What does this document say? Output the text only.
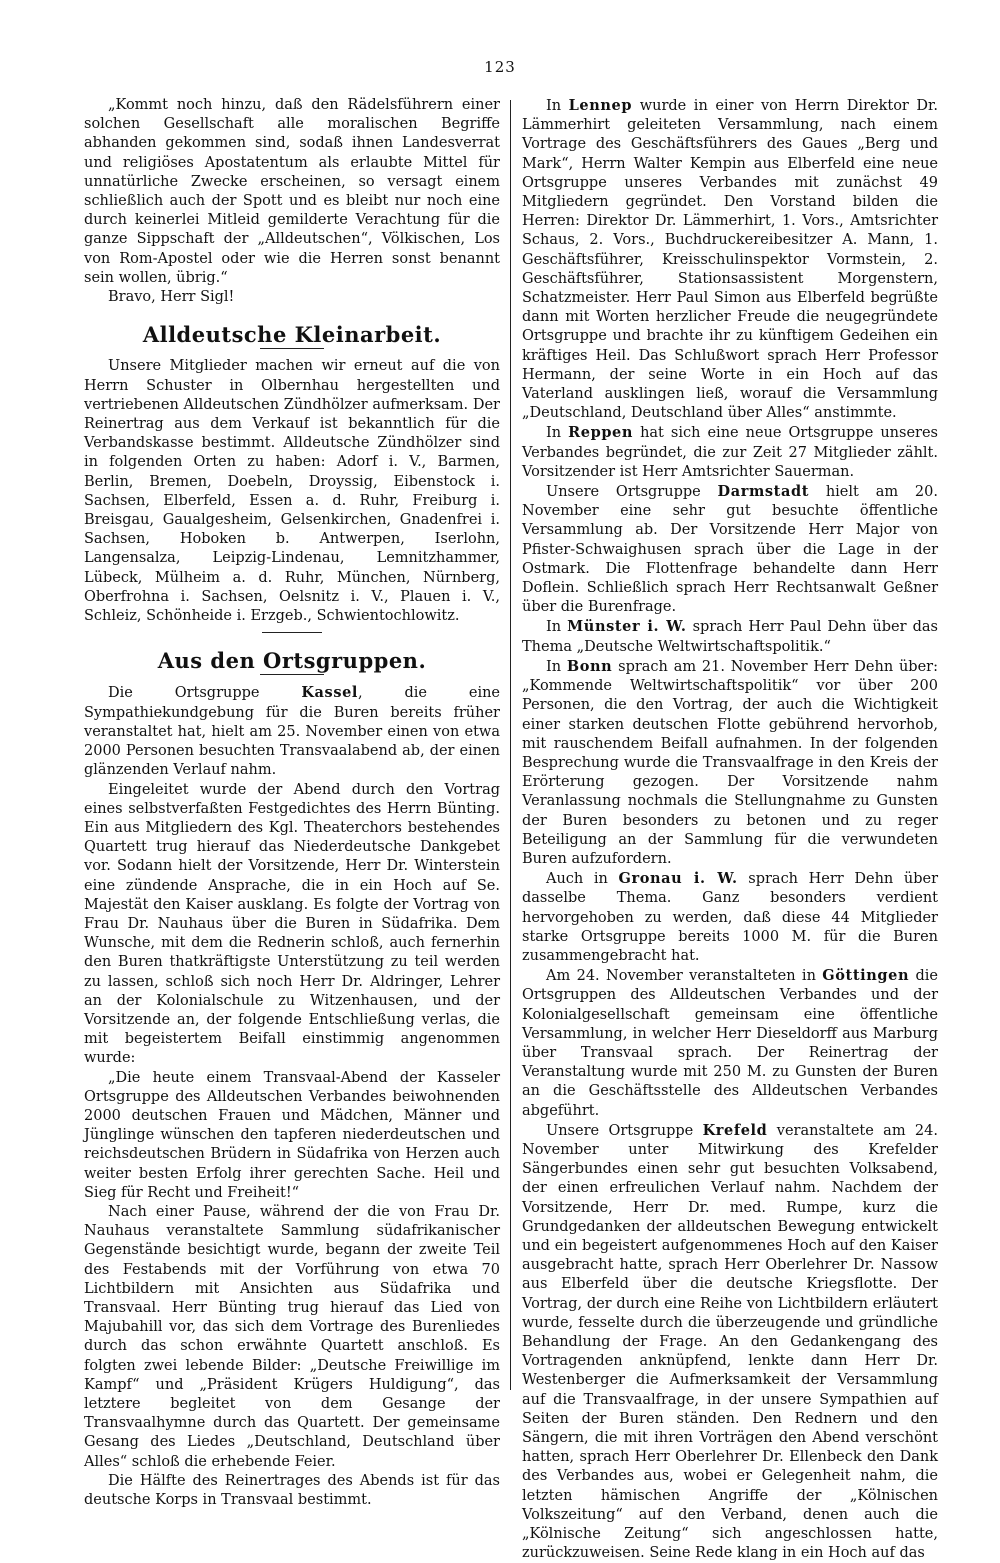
123

„Kommt noch hinzu, daß den Rädelsführern einer solchen Gesellschaft alle moralischen Begriffe abhanden gekommen sind, sodaß ihnen Landesverrat und religiöses Apostatentum als erlaubte Mittel für unnatürliche Zwecke erscheinen, so versagt einem schließlich auch der Spott und es bleibt nur noch eine durch keinerlei Mitleid gemilderte Verachtung für die ganze Sippschaft der „Alldeutschen“, Völkischen, Los von Rom-Apostel oder wie die Herren sonst benannt sein wollen, übrig.“

Bravo, Herr Sigl!

Alldeutsche Kleinarbeit.

Unsere Mitglieder machen wir erneut auf die von Herrn Schuster in Olbernhau hergestellten und vertriebenen Alldeutschen Zündhölzer aufmerksam. Der Reinertrag aus dem Verkauf ist bekanntlich für die Verbandskasse bestimmt. Alldeutsche Zündhölzer sind in folgenden Orten zu haben: Adorf i. V., Barmen, Berlin, Bremen, Doebeln, Droyssig, Eibenstock i. Sachsen, Elberfeld, Essen a. d. Ruhr, Freiburg i. Breisgau, Gaualgesheim, Gelsenkirchen, Gnadenfrei i. Sachsen, Hoboken b. Antwerpen, Iserlohn, Langensalza, Leipzig-Lindenau, Lemnitzhammer, Lübeck, Mülheim a. d. Ruhr, München, Nürnberg, Oberfrohna i. Sachsen, Oelsnitz i. V., Plauen i. V., Schleiz, Schönheide i. Erzgeb., Schwientochlowitz.

Aus den Ortsgruppen.

Die Ortsgruppe Kassel, die eine Sympathiekundgebung für die Buren bereits früher veranstaltet hat, hielt am 25. November einen von etwa 2000 Personen besuchten Transvaalabend ab, der einen glänzenden Verlauf nahm.

Eingeleitet wurde der Abend durch den Vortrag eines selbstverfaßten Festgedichtes des Herrn Bünting. Ein aus Mitgliedern des Kgl. Theaterchors bestehendes Quartett trug hierauf das Niederdeutsche Dankgebet vor. Sodann hielt der Vorsitzende, Herr Dr. Winterstein eine zündende Ansprache, die in ein Hoch auf Se. Majestät den Kaiser ausklang. Es folgte der Vortrag von Frau Dr. Nauhaus über die Buren in Südafrika. Dem Wunsche, mit dem die Rednerin schloß, auch fernerhin den Buren thatkräftigste Unterstützung zu teil werden zu lassen, schloß sich noch Herr Dr. Aldringer, Lehrer an der Kolonialschule zu Witzenhausen, und der Vorsitzende an, der folgende Entschließung verlas, die mit begeistertem Beifall einstimmig angenommen wurde:

„Die heute einem Transvaal-Abend der Kasseler Ortsgruppe des Alldeutschen Verbandes beiwohnenden 2000 deutschen Frauen und Mädchen, Männer und Jünglinge wünschen den tapferen niederdeutschen und reichsdeutschen Brüdern in Südafrika von Herzen auch weiter besten Erfolg ihrer gerechten Sache. Heil und Sieg für Recht und Freiheit!“

Nach einer Pause, während der die von Frau Dr. Nauhaus veranstaltete Sammlung südafrikanischer Gegenstände besichtigt wurde, begann der zweite Teil des Festabends mit der Vorführung von etwa 70 Lichtbildern mit Ansichten aus Südafrika und Transvaal. Herr Bünting trug hierauf das Lied von Majubahill vor, das sich dem Vortrage des Burenliedes durch das schon erwähnte Quartett anschloß. Es folgten zwei lebende Bilder: „Deutsche Freiwillige im Kampf“ und „Präsident Krügers Huldigung“, das letztere begleitet von dem Gesange der Transvaalhymne durch das Quartett. Der gemeinsame Gesang des Liedes „Deutschland, Deutschland über Alles“ schloß die erhebende Feier.

Die Hälfte des Reinertrages des Abends ist für das deutsche Korps in Transvaal bestimmt.

In Lennep wurde in einer von Herrn Direktor Dr. Lämmerhirt geleiteten Versammlung, nach einem Vortrage des Geschäftsführers des Gaues „Berg und Mark“, Herrn Walter Kempin aus Elberfeld eine neue Ortsgruppe unseres Verbandes mit zunächst 49 Mitgliedern gegründet. Den Vorstand bilden die Herren: Direktor Dr. Lämmerhirt, 1. Vors., Amtsrichter Schaus, 2. Vors., Buchdruckereibesitzer A. Mann, 1. Geschäftsführer, Kreisschulinspektor Vormstein, 2. Geschäftsführer, Stationsassistent Morgenstern, Schatzmeister. Herr Paul Simon aus Elberfeld begrüßte dann mit Worten herzlicher Freude die neugegründete Ortsgruppe und brachte ihr zu künftigem Gedeihen ein kräftiges Heil. Das Schlußwort sprach Herr Professor Hermann, der seine Worte in ein Hoch auf das Vaterland ausklingen ließ, worauf die Versammlung „Deutschland, Deutschland über Alles“ anstimmte.

In Reppen hat sich eine neue Ortsgruppe unseres Verbandes begründet, die zur Zeit 27 Mitglieder zählt. Vorsitzender ist Herr Amtsrichter Sauerman.

Unsere Ortsgruppe Darmstadt hielt am 20. November eine sehr gut besuchte öffentliche Versammlung ab. Der Vorsitzende Herr Major von Pfister-Schwaighusen sprach über die Lage in der Ostmark. Die Flottenfrage behandelte dann Herr Doflein. Schließlich sprach Herr Rechtsanwalt Geßner über die Burenfrage.

In Münster i. W. sprach Herr Paul Dehn über das Thema „Deutsche Weltwirtschaftspolitik.“

In Bonn sprach am 21. November Herr Dehn über: „Kommende Weltwirtschaftspolitik“ vor über 200 Personen, die den Vortrag, der auch die Wichtigkeit einer starken deutschen Flotte gebührend hervorhob, mit rauschendem Beifall aufnahmen. In der folgenden Besprechung wurde die Transvaalfrage in den Kreis der Erörterung gezogen. Der Vorsitzende nahm Veranlassung nochmals die Stellungnahme zu Gunsten der Buren besonders zu betonen und zu reger Beteiligung an der Sammlung für die verwundeten Buren aufzufordern.

Auch in Gronau i. W. sprach Herr Dehn über dasselbe Thema. Ganz besonders verdient hervorgehoben zu werden, daß diese 44 Mitglieder starke Ortsgruppe bereits 1000 M. für die Buren zusammengebracht hat.

Am 24. November veranstalteten in Göttingen die Ortsgruppen des Alldeutschen Verbandes und der Kolonialgesellschaft gemeinsam eine öffentliche Versammlung, in welcher Herr Dieseldorff aus Marburg über Transvaal sprach. Der Reinertrag der Veranstaltung wurde mit 250 M. zu Gunsten der Buren an die Geschäftsstelle des Alldeutschen Verbandes abgeführt.

Unsere Ortsgruppe Krefeld veranstaltete am 24. November unter Mitwirkung des Krefelder Sängerbundes einen sehr gut besuchten Volksabend, der einen erfreulichen Verlauf nahm. Nachdem der Vorsitzende, Herr Dr. med. Rumpe, kurz die Grundgedanken der alldeutschen Bewegung entwickelt und ein begeistert aufgenommenes Hoch auf den Kaiser ausgebracht hatte, sprach Herr Oberlehrer Dr. Nassow aus Elberfeld über die deutsche Kriegsflotte. Der Vortrag, der durch eine Reihe von Lichtbildern erläutert wurde, fesselte durch die überzeugende und gründliche Behandlung der Frage. An den Gedankengang des Vortragenden anknüpfend, lenkte dann Herr Dr. Westenberger die Aufmerksamkeit der Versammlung auf die Transvaalfrage, in der unsere Sympathien auf Seiten der Buren ständen. Den Rednern und den Sängern, die mit ihren Vorträgen den Abend verschönt hatten, sprach Herr Oberlehrer Dr. Ellenbeck den Dank des Verbandes aus, wobei er Gelegenheit nahm, die letzten hämischen Angriffe der „Kölnischen Volkszeitung“ auf den Verband, denen auch die „Kölnische Zeitung“ sich angeschlossen hatte, zurückzuweisen. Seine Rede klang in ein Hoch auf das
